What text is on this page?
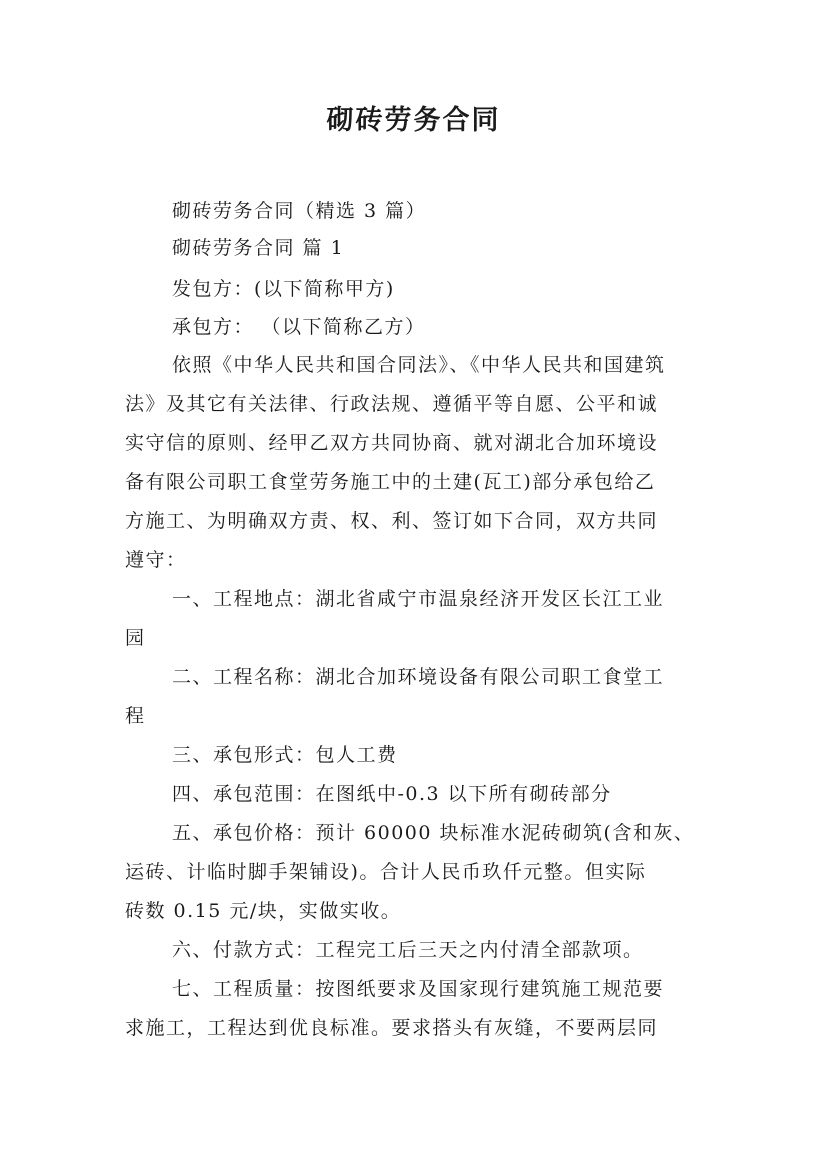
砌砖劳务合同
砌砖劳务合同（精选 3 篇）
砌砖劳务合同 篇 1
发包方：(以下简称甲方)
承包方： （以下简称乙方）
依照《中华人民共和国合同法》、《中华人民共和国建筑
法》及其它有关法律、行政法规、遵循平等自愿、公平和诚
实守信的原则、经甲乙双方共同协商、就对湖北合加环境设
备有限公司职工食堂劳务施工中的土建(瓦工)部分承包给乙
方施工、为明确双方责、权、利、签订如下合同，双方共同
遵守：
一、工程地点：湖北省咸宁市温泉经济开发区长江工业
园
二、工程名称：湖北合加环境设备有限公司职工食堂工
程
三、承包形式：包人工费
四、承包范围：在图纸中-0.3 以下所有砌砖部分
五、承包价格：预计 60000 块标准水泥砖砌筑(含和灰、
运砖、计临时脚手架铺设)。合计人民币玖仟元整。但实际
砖数 0.15 元/块，实做实收。
六、付款方式：工程完工后三天之内付清全部款项。
七、工程质量：按图纸要求及国家现行建筑施工规范要
求施工，工程达到优良标准。要求搭头有灰缝，不要两层同
